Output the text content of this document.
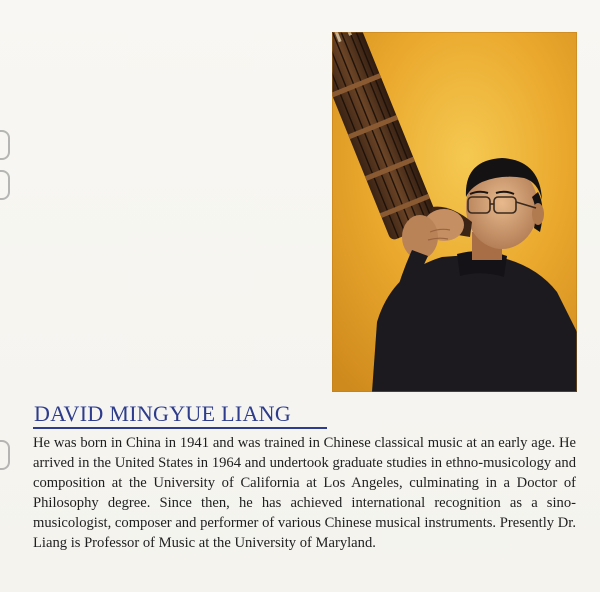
DAVID MINGYUE LIANG

He was born in China in 1941 and was trained in Chinese classical music at an early age. He arrived in the United States in 1964 and undertook graduate studies in ethno-musicology and composition at the University of California at Los Angeles, culminating in a Doctor of Philosophy degree. Since then, he has achieved international recognition as a sino-musicologist, composer and performer of various Chinese musical instruments. Presently Dr. Liang is Professor of Music at the University of Maryland.
